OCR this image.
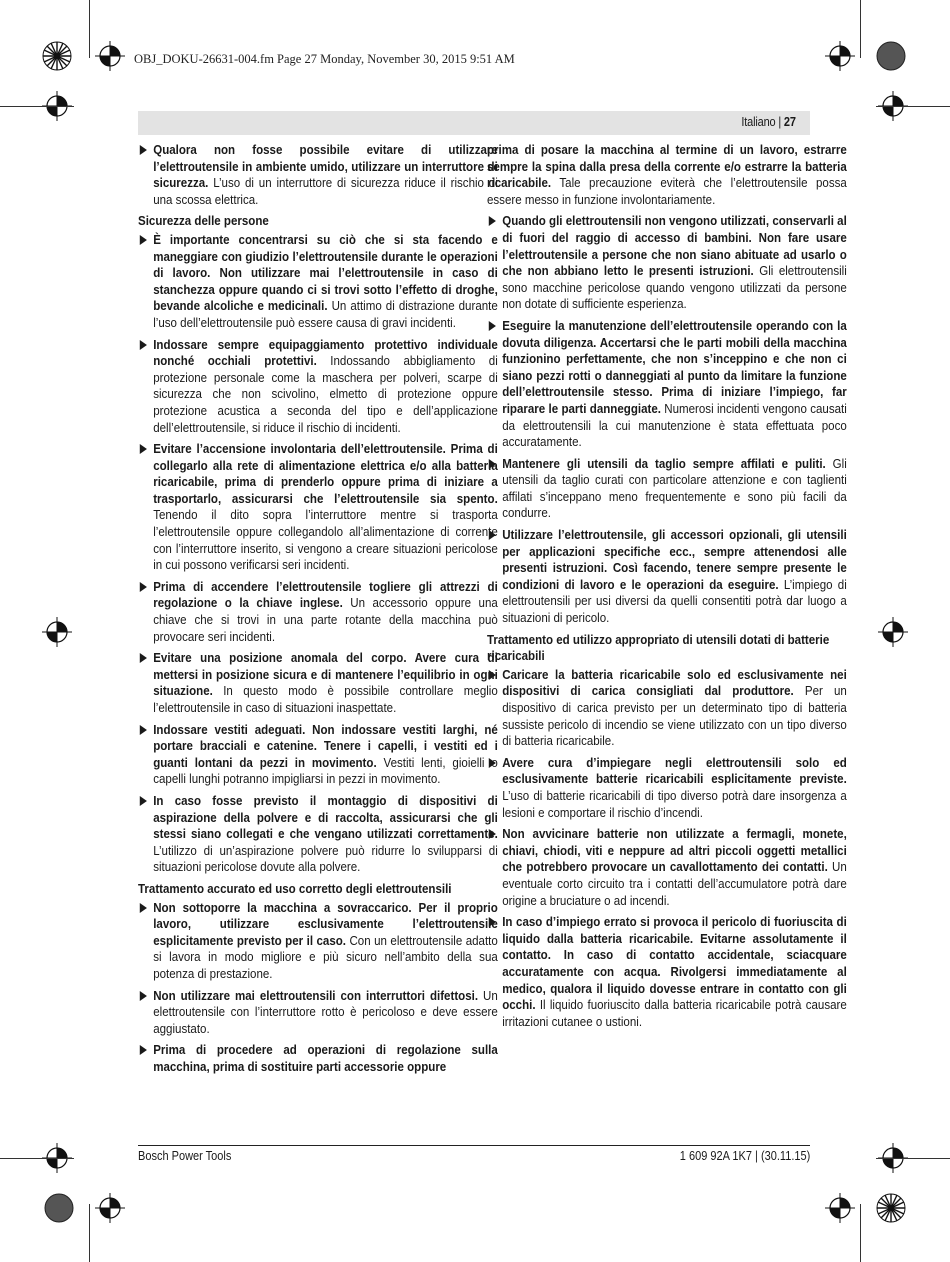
OBJ_DOKU-26631-004.fm Page 27 Monday, November 30, 2015 9:51 AM
Italiano | 27
Qualora non fosse possibile evitare di utilizzare l’elettroutensile in ambiente umido, utilizzare un interruttore di sicurezza. L’uso di un interruttore di sicurezza riduce il rischio di una scossa elettrica.
Sicurezza delle persone
È importante concentrarsi su ciò che si sta facendo e maneggiare con giudizio l’elettroutensile durante le operazioni di lavoro. Non utilizzare mai l’elettroutensile in caso di stanchezza oppure quando ci si trovi sotto l’effetto di droghe, bevande alcoliche e medicinali. Un attimo di distrazione durante l’uso dell’elettroutensile può essere causa di gravi incidenti.
Indossare sempre equipaggiamento protettivo individuale nonché occhiali protettivi. Indossando abbigliamento di protezione personale come la maschera per polveri, scarpe di sicurezza che non scivolino, elmetto di protezione oppure protezione acustica a seconda del tipo e dell’applicazione dell’elettroutensile, si riduce il rischio di incidenti.
Evitare l’accensione involontaria dell’elettroutensile. Prima di collegarlo alla rete di alimentazione elettrica e/o alla batteria ricaricabile, prima di prenderlo oppure prima di iniziare a trasportarlo, assicurarsi che l’elettroutensile sia spento. Tenendo il dito sopra l’interruttore mentre si trasporta l’elettroutensile oppure collegandolo all’alimentazione di corrente con l’interruttore inserito, si vengono a creare situazioni pericolose in cui possono verificarsi seri incidenti.
Prima di accendere l’elettroutensile togliere gli attrezzi di regolazione o la chiave inglese. Un accessorio oppure una chiave che si trovi in una parte rotante della macchina può provocare seri incidenti.
Evitare una posizione anomala del corpo. Avere cura di mettersi in posizione sicura e di mantenere l’equilibrio in ogni situazione. In questo modo è possibile controllare meglio l’elettroutensile in caso di situazioni inaspettate.
Indossare vestiti adeguati. Non indossare vestiti larghi, né portare bracciali e catenine. Tenere i capelli, i vestiti ed i guanti lontani da pezzi in movimento. Vestiti lenti, gioielli o capelli lunghi potranno impigliarsi in pezzi in movimento.
In caso fosse previsto il montaggio di dispositivi di aspirazione della polvere e di raccolta, assicurarsi che gli stessi siano collegati e che vengano utilizzati correttamente. L’utilizzo di un’aspirazione polvere può ridurre lo svilupparsi di situazioni pericolose dovute alla polvere.
Trattamento accurato ed uso corretto degli elettroutensili
Non sottoporre la macchina a sovraccarico. Per il proprio lavoro, utilizzare esclusivamente l’elettroutensile esplicitamente previsto per il caso. Con un elettroutensile adatto si lavora in modo migliore e più sicuro nell’ambito della sua potenza di prestazione.
Non utilizzare mai elettroutensili con interruttori difettosi. Un elettroutensile con l’interruttore rotto è pericoloso e deve essere aggiustato.
Prima di procedere ad operazioni di regolazione sulla macchina, prima di sostituire parti accessorie oppure
prima di posare la macchina al termine di un lavoro, estrarre sempre la spina dalla presa della corrente e/o estrarre la batteria ricaricabile. Tale precauzione eviterà che l’elettroutensile possa essere messo in funzione involontariamente.
Quando gli elettroutensili non vengono utilizzati, conservarli al di fuori del raggio di accesso di bambini. Non fare usare l’elettroutensile a persone che non siano abituate ad usarlo o che non abbiano letto le presenti istruzioni. Gli elettroutensili sono macchine pericolose quando vengono utilizzati da persone non dotate di sufficiente esperienza.
Eseguire la manutenzione dell’elettroutensile operando con la dovuta diligenza. Accertarsi che le parti mobili della macchina funzionino perfettamente, che non s’inceppino e che non ci siano pezzi rotti o danneggiati al punto da limitare la funzione dell’elettroutensile stesso. Prima di iniziare l’impiego, far riparare le parti danneggiate. Numerosi incidenti vengono causati da elettroutensili la cui manutenzione è stata effettuata poco accuratamente.
Mantenere gli utensili da taglio sempre affilati e puliti. Gli utensili da taglio curati con particolare attenzione e con taglienti affilati s’inceppano meno frequentemente e sono più facili da condurre.
Utilizzare l’elettroutensile, gli accessori opzionali, gli utensili per applicazioni specifiche ecc., sempre attenendosi alle presenti istruzioni. Così facendo, tenere sempre presente le condizioni di lavoro e le operazioni da eseguire. L’impiego di elettroutensili per usi diversi da quelli consentiti potrà dar luogo a situazioni di pericolo.
Trattamento ed utilizzo appropriato di utensili dotati di batterie ricaricabili
Caricare la batteria ricaricabile solo ed esclusivamente nei dispositivi di carica consigliati dal produttore. Per un dispositivo di carica previsto per un determinato tipo di batteria sussiste pericolo di incendio se viene utilizzato con un tipo diverso di batteria ricaricabile.
Avere cura d’impiegare negli elettroutensili solo ed esclusivamente batterie ricaricabili esplicitamente previste. L’uso di batterie ricaricabili di tipo diverso potrà dare insorgenza a lesioni e comportare il rischio d’incendi.
Non avvicinare batterie non utilizzate a fermagli, monete, chiavi, chiodi, viti e neppure ad altri piccoli oggetti metallici che potrebbero provocare un cavallottamento dei contatti. Un eventuale corto circuito tra i contatti dell’accumulatore potrà dare origine a bruciature o ad incendi.
In caso d’impiego errato si provoca il pericolo di fuoriuscita di liquido dalla batteria ricaricabile. Evitarne assolutamente il contatto. In caso di contatto accidentale, sciacquare accuratamente con acqua. Rivolgersi immediatamente al medico, qualora il liquido dovesse entrare in contatto con gli occhi. Il liquido fuoriuscito dalla batteria ricaricabile potrà causare irritazioni cutanee o ustioni.
Bosch Power Tools	1 609 92A 1K7 | (30.11.15)
